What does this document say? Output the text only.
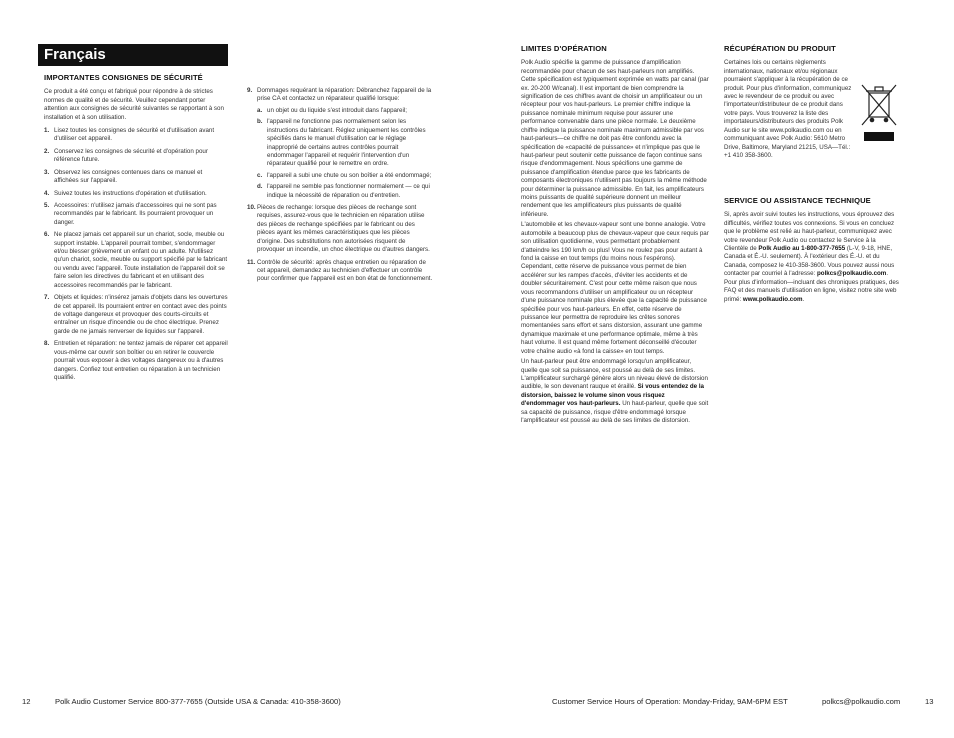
Français
IMPORTANTES CONSIGNES DE SÉCURITÉ

Ce produit a été conçu et fabriqué pour répondre à de strictes normes de qualité et de sécurité. Veuillez cependant porter attention aux consignes de sécurité suivantes se rapportant à son installation et à son utilisation.

1. Lisez toutes les consignes de sécurité et d'utilisation avant d'utiliser cet appareil.
2. Conservez les consignes de sécurité et d'opération pour référence future.
3. Observez les consignes contenues dans ce manuel et affichées sur l'appareil.
4. Suivez toutes les instructions d'opération et d'utilisation.
5. Accessoires: n'utilisez jamais d'accessoires qui ne sont pas recommandés par le fabricant. Ils pourraient provoquer un danger.
6. Ne placez jamais cet appareil sur un chariot, socle, meuble ou support instable. L'appareil pourrait tomber, s'endommager et/ou blesser grièvement un enfant ou un adulte. N'utilisez qu'un chariot, socle, meuble ou support spécifié par le fabricant ou vendu avec l'appareil. Toute installation de l'appareil doit se faire selon les directives du fabricant et en utilisant des accessoires recommandés par le fabricant.
7. Objets et liquides: n'insérez jamais d'objets dans les ouvertures de cet appareil. Ils pourraient entrer en contact avec des points de voltage dangereux et provoquer des courts-circuits et entraîner un risque d'incendie ou de choc électrique. Prenez garde de ne jamais renverser de liquides sur l'appareil.
8. Entretien et réparation: ne tentez jamais de réparer cet appareil vous-même car ouvrir son boîtier ou en retirer le couvercle pourrait vous exposer à des voltages dangereux ou à d'autres dangers. Confiez tout entretien ou réparation à un technicien qualifié.
9. Dommages requérant la réparation: Débranchez l'appareil de la prise CA et contactez un réparateur qualifié lorsque:
a. un objet ou du liquide s'est introduit dans l'appareil;
b. l'appareil ne fonctionne pas normalement selon les instructions du fabricant. Réglez uniquement les contrôles spécifiés dans le manuel d'utilisation car le réglage inapproprié de certains autres contrôles pourrait endommager l'appareil et requérir l'intervention d'un réparateur qualifié pour le remettre en ordre.
c. l'appareil a subi une chute ou son boîtier a été endommagé;
d. l'appareil ne semble pas fonctionner normalement — ce qui indique la nécessité de réparation ou d'entretien.
10. Pièces de rechange: lorsque des pièces de rechange sont requises, assurez-vous que le technicien en réparation utilise des pièces de rechange spécifiées par le fabricant ou des pièces ayant les mêmes caractéristiques que les pièces d'origine. Des substitutions non autorisées risquent de provoquer un incendie, un choc électrique ou d'autres dangers.
11. Contrôle de sécurité: après chaque entretien ou réparation de cet appareil, demandez au technicien d'effectuer un contrôle pour confirmer que l'appareil est en bon état de fonctionnement.
LIMITES D'OPÉRATION

Polk Audio spécifie la gamme de puissance d'amplification recommandée pour chacun de ses haut-parleurs non amplifiés. Cette spécification est typiquement exprimée en watts par canal (par ex. 20-200 W/canal). Il est important de bien comprendre la signification de ces chiffres avant de choisir un amplificateur ou un récepteur pour vos haut-parleurs. Le premier chiffre indique la puissance nominale minimum requise pour assurer une performance convenable dans une pièce normale. Le deuxième chiffre indique la puissance nominale maximum admissible par vos haut-parleurs—ce chiffre ne doit pas être confondu avec la spécification de «capacité de puissance» et n'implique pas que le haut-parleur peut soutenir cette puissance de façon continue sans risque d'endommagement. Nous spécifions une gamme de puissance d'amplification étendue parce que les fabricants de composants électroniques n'utilisent pas toujours la même méthode pour déterminer la puissance admissible. En fait, les amplificateurs moins puissants de qualité supérieure donnent un meilleur rendement que les amplificateurs plus puissants de qualité inférieure.

L'automobile et les chevaux-vapeur sont une bonne analogie. Votre automobile a beaucoup plus de chevaux-vapeur que ceux requis par son utilisation quotidienne, vous permettant probablement d'atteindre les 190 km/h ou plus! Vous ne roulez pas pour autant à fond la caisse en tout temps (du moins nous l'espérons). Cependant, cette réserve de puissance vous permet de bien accélérer sur les rampes d'accès, d'éviter les accidents et de doubler sécuritairement. C'est pour cette même raison que nous vous recommandons d'utiliser un amplificateur ou un récepteur d'une puissance nominale plus élevée que la capacité de puissance spécifiée pour vos haut-parleurs. En effet, cette réserve de puissance leur permettra de reproduire les crêtes sonores momentanées sans effort et sans distorsion, assurant une gamme dynamique maximale et une performance optimale, même à très haut volume. Il est quand même fortement déconseillé d'écouter votre chaîne audio «à fond la caisse» en tout temps.

Un haut-parleur peut être endommagé lorsqu'un amplificateur, quelle que soit sa puissance, est poussé au delà de ses limites. L'amplificateur surchargé génère alors un niveau élevé de distorsion audible, le son devenant rauque et éraillé. Si vous entendez de la distorsion, baissez le volume sinon vous risquez d'endommager vos haut-parleurs. Un haut-parleur, quelle que soit sa capacité de puissance, risque d'être endommagé lorsque l'amplificateur est poussé au delà de ses limites de distorsion.

RÉCUPÉRATION DU PRODUIT

Certaines lois ou certains règlements internationaux, nationaux et/ou régionaux pourraient s'appliquer à la récupération de ce produit. Pour plus d'information, communiquez avec le revendeur de ce produit ou avec l'importateur/distributeur de ce produit dans votre pays. Vous trouverez la liste des importateurs/distributeurs des produits Polk Audio sur le site www.polkaudio.com ou en communiquant avec Polk Audio: 5610 Metro Drive, Baltimore, Maryland 21215, USA—Tél.: +1 410 358-3600.

SERVICE OU ASSISTANCE TECHNIQUE

Si, après avoir suivi toutes les instructions, vous éprouvez des difficultés, vérifiez toutes vos connexions. Si vous en concluez que le problème est relié au haut-parleur, communiquez avec votre revendeur Polk Audio ou contactez le Service à la Clientèle de Polk Audio au 1-800-377-7655 (L-V, 9-18, HNE, Canada et É.-U. seulement). À l'extérieur des É.-U. et du Canada, composez le 410-358-3600. Vous pouvez aussi nous contacter par courriel à l'adresse: polkcs@polkaudio.com. Pour plus d'information—incluant des chroniques pratiques, des FAQ et des manuels d'utilisation en ligne, visitez notre site web primé: www.polkaudio.com.

12	Polk Audio Customer Service 800-377-7655 (Outside USA & Canada: 410-358-3600)	Customer Service Hours of Operation: Monday-Friday, 9AM-6PM EST	polkcs@polkaudio.com	13
